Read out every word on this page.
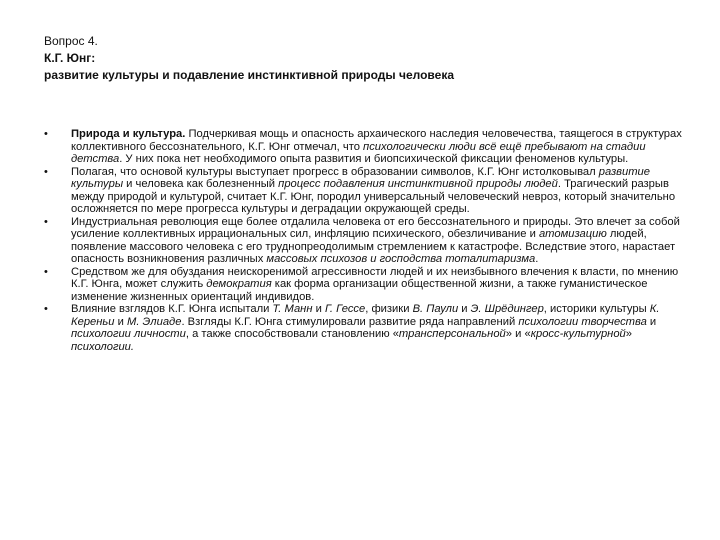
Вопрос 4.
К.Г. Юнг:
развитие культуры и подавление инстинктивной природы человека
•	Природа и культура. Подчеркивая мощь и опасность архаического наследия человечества, таящегося в структурах коллективного бессознательного, К.Г. Юнг отмечал, что психологически люди всё ещё пребывают на стадии детства. У них пока нет необходимого опыта развития и биопсихической фиксации феноменов культуры.
•	Полагая, что основой культуры выступает прогресс в образовании символов, К.Г. Юнг истолковывал развитие культуры и человека как болезненный процесс подавления инстинктивной природы людей. Трагический разрыв между природой и культурой, считает К.Г. Юнг, породил универсальный человеческий невроз, который значительно осложняется по мере прогресса культуры и деградации окружающей среды.
•	Индустриальная революция еще более отдалила человека от его бессознательного и природы. Это влечет за собой усиление коллективных иррациональных сил, инфляцию психического, обезличивание и атомизацию людей, появление массового человека с его труднопреодолимым стремлением к катастрофе. Вследствие этого, нарастает опасность возникновения различных массовых психозов и господства тоталитаризма.
•	Средством же для обуздания неискоренимой агрессивности людей и их неизбывного влечения к власти, по мнению К.Г. Юнга, может служить демократия как форма организации общественной жизни, а также гуманистическое изменение жизненных ориентаций индивидов.
•	Влияние взглядов К.Г. Юнга испытали Т. Манн и Г. Гессе, физики В. Паули и Э. Шрёдингер, историки культуры К. Кереньи и М. Элиаде. Взгляды К.Г. Юнга стимулировали развитие ряда направлений психологии творчества и психологии личности, а также способствовали становлению «трансперсональной» и «кросс-культурной» психологии.
